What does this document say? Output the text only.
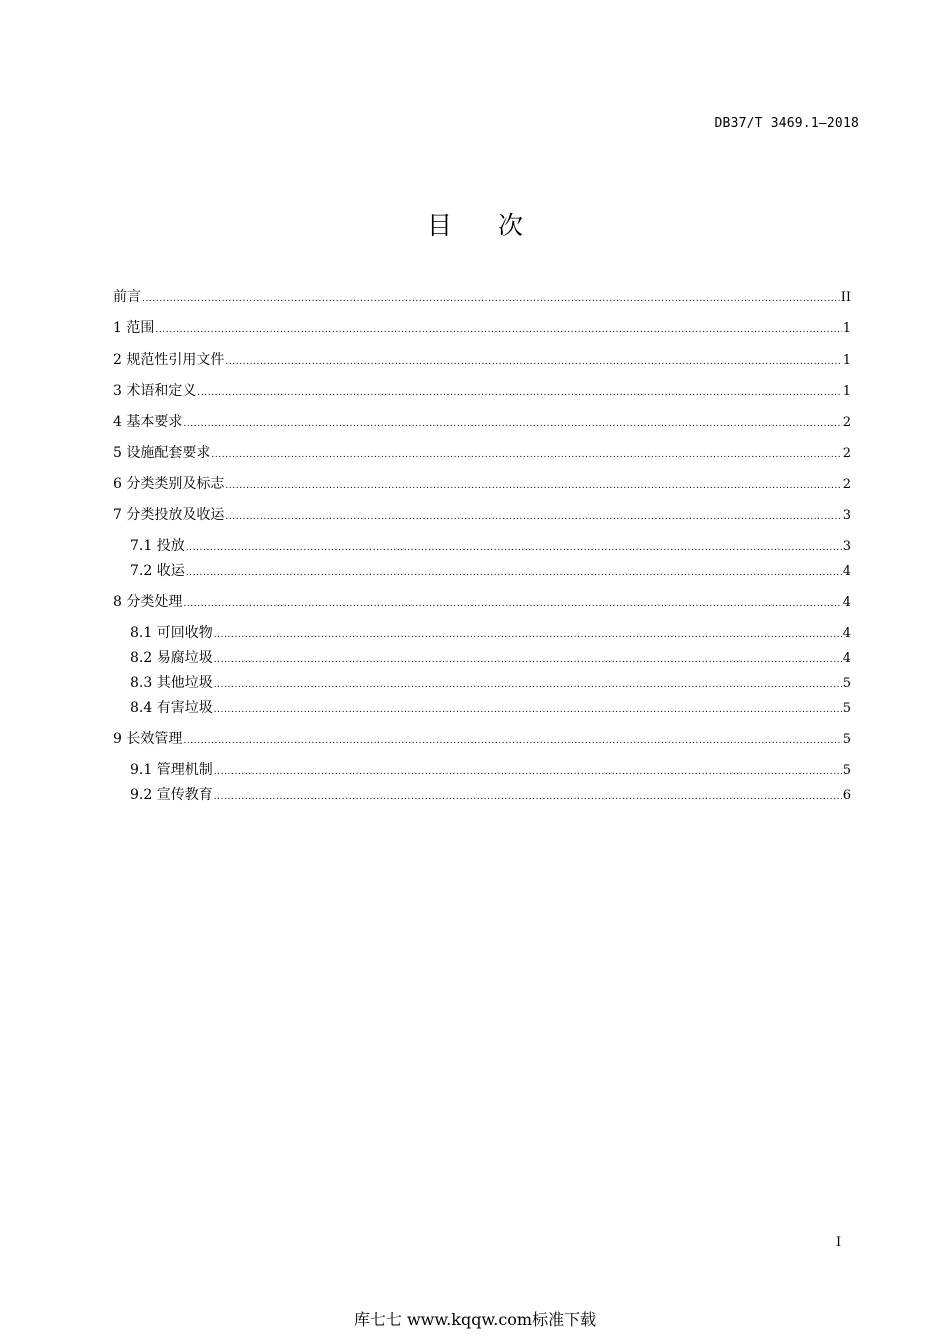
DB37/T 3469.1—2018
目次
前言 .....	II
1 范围 .....	1
2 规范性引用文件 .....	1
3 术语和定义 .....	1
4 基本要求 .....	2
5 设施配套要求 .....	2
6 分类类别及标志 .....	2
7 分类投放及收运 .....	3
7.1 投放 .....	3
7.2 收运 .....	4
8 分类处理 .....	4
8.1 可回收物 .....	4
8.2 易腐垃圾 .....	4
8.3 其他垃圾 .....	5
8.4 有害垃圾 .....	5
9 长效管理 .....	5
9.1 管理机制 .....	5
9.2 宣传教育 .....	6
I
库七七 www.kqqw.com标准下载
